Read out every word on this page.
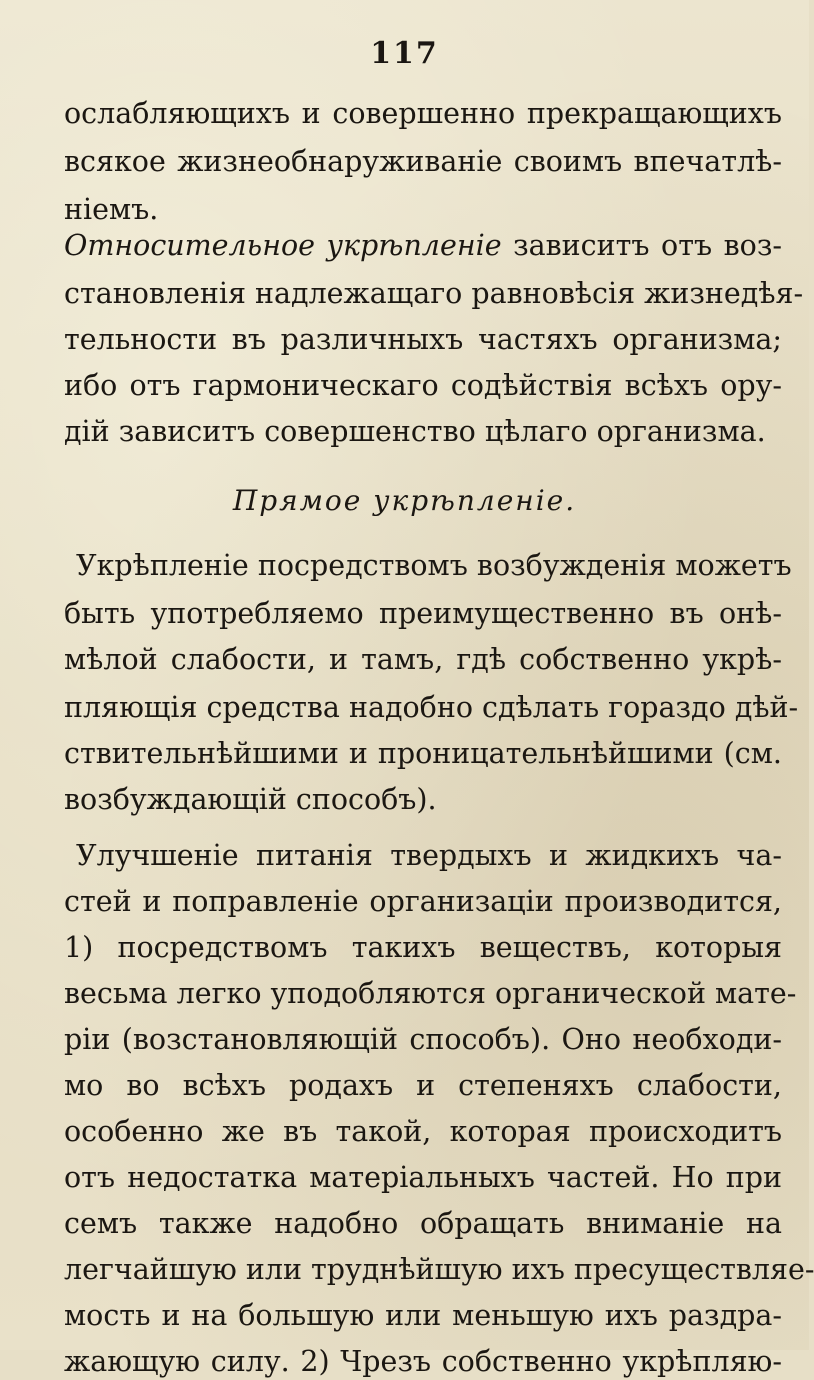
117
ослабляющихъ и совершенно прекращающихъ
всякое жизнеобнаруживаніе своимъ впечатлѣ-
ніемъ.
Относительное укрѣпленіе зависитъ отъ воз-
становленія надлежащаго равновѣсія жизнедѣя-
тельности въ различныхъ частяхъ организма;
ибо отъ гармоническаго содѣйствія всѣхъ ору-
дій зависитъ совершенство цѣлаго организма.
Прямое укрѣпленіе.
Укрѣпленіе посредствомъ возбужденія можетъ
быть употребляемо преимущественно въ онѣ-
мѣлой слабости, и тамъ, гдѣ собственно укрѣ-
пляющія средства надобно сдѣлать гораздо дѣй-
ствительнѣйшими и проницательнѣйшими (см.
возбуждающій способъ).
Улучшеніе питанія твердыхъ и жидкихъ ча-
стей и поправленіе организаціи производится,
1) посредствомъ такихъ веществъ, которыя
весьма легко уподобляются органической мате-
ріи (возстановляющій способъ). Оно необходи-
мо во всѣхъ родахъ и степеняхъ слабости,
особенно же въ такой, которая происходитъ
отъ недостатка матеріальныхъ частей. Но при
семъ также надобно обращать вниманіе на
легчайшую или труднѣйшую ихъ пресуществляе-
мость и на большую или меньшую ихъ раздра-
жающую силу. 2) Чрезъ собственно укрѣпляю-
